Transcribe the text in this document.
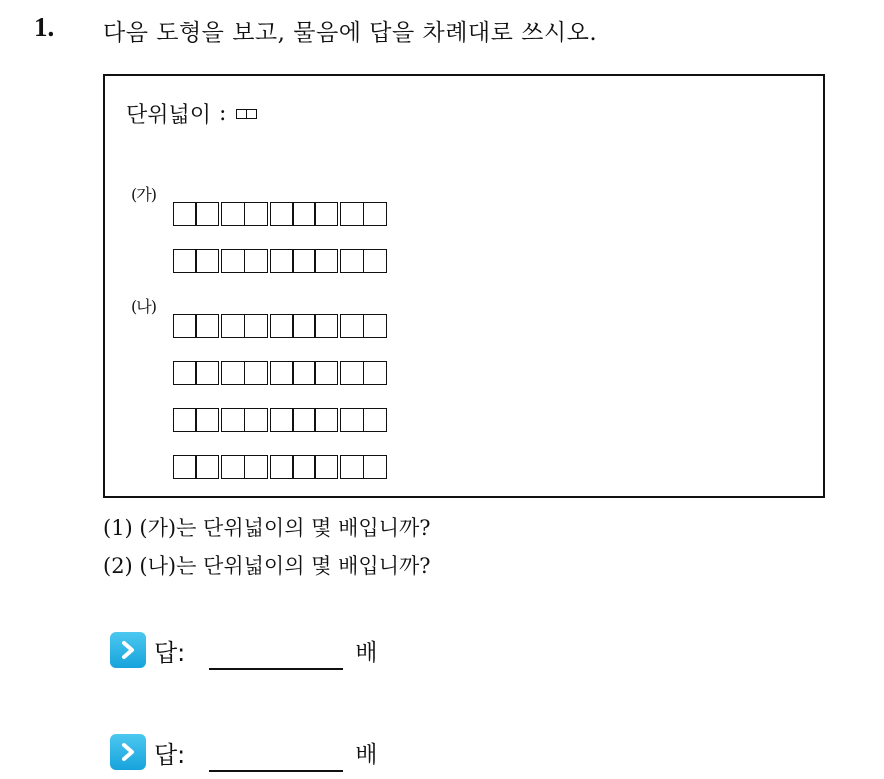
1. 다음 도형을 보고, 물음에 답을 차례대로 쓰시오.
단위넓이 :
(가)
(나)
(1) (가)는 단위넓이의 몇 배입니까?
(2) (나)는 단위넓이의 몇 배입니까?
답:	배
답:	배
